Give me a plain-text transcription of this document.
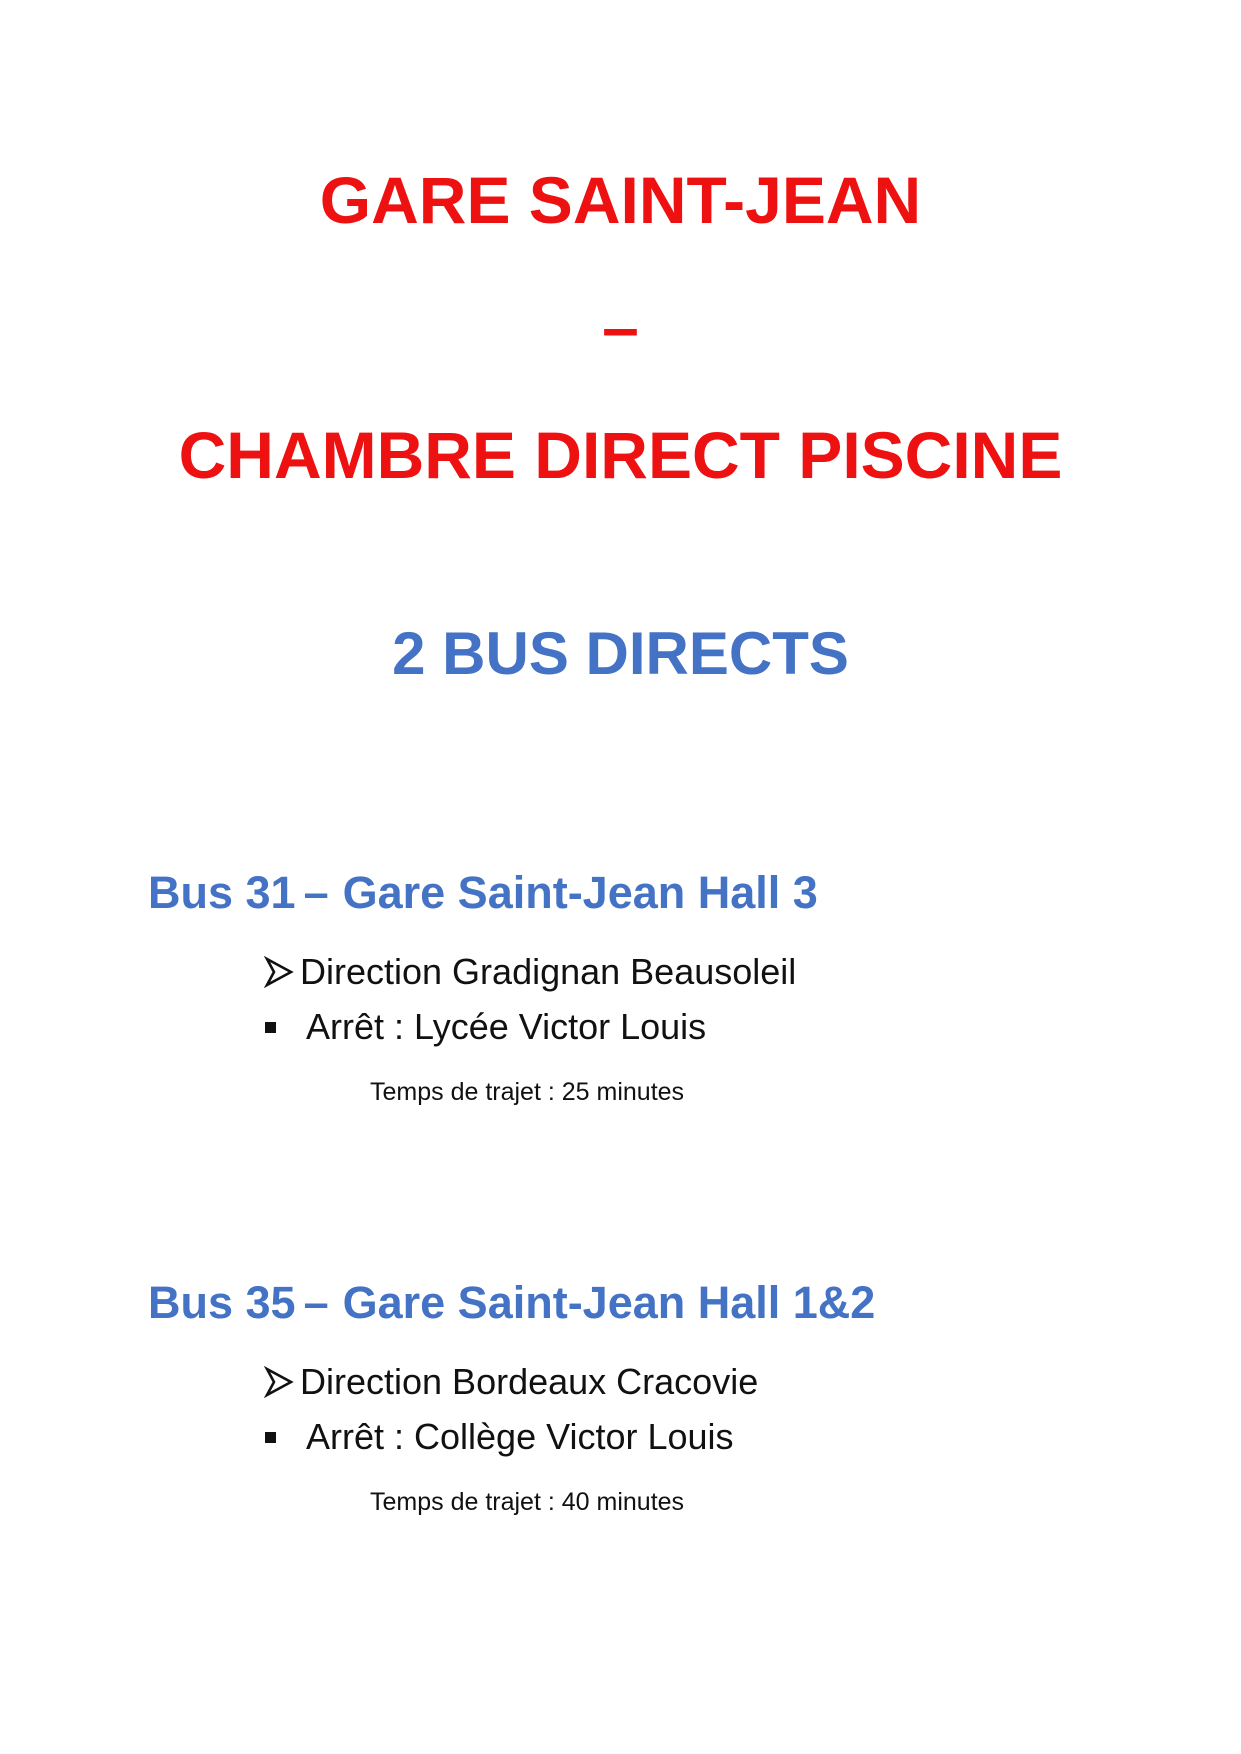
GARE SAINT-JEAN
–
CHAMBRE DIRECT PISCINE
2 BUS DIRECTS
Bus 31 – Gare Saint-Jean Hall 3
Direction Gradignan Beausoleil
Arrêt : Lycée Victor Louis
Temps de trajet : 25 minutes
Bus 35 – Gare Saint-Jean Hall 1&2
Direction Bordeaux Cracovie
Arrêt : Collège Victor Louis
Temps de trajet : 40 minutes
